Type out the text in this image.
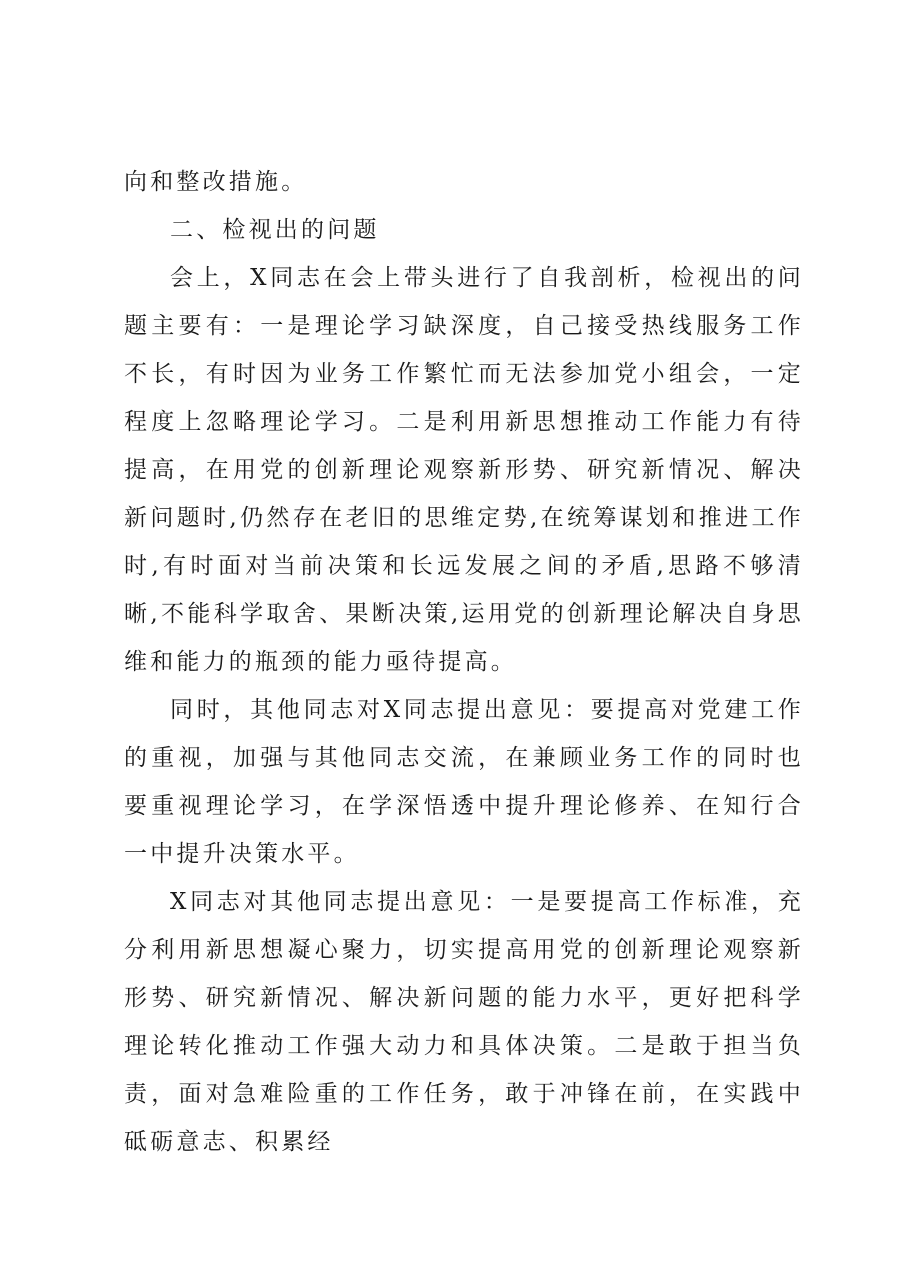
向和整改措施。

二、检视出的问题

会上，X同志在会上带头进行了自我剖析，检视出的问题主要有：一是理论学习缺深度，自己接受热线服务工作不长，有时因为业务工作繁忙而无法参加党小组会，一定程度上忽略理论学习。二是利用新思想推动工作能力有待提高，在用党的创新理论观察新形势、研究新情况、解决新问题时,仍然存在老旧的思维定势,在统筹谋划和推进工作时,有时面对当前决策和长远发展之间的矛盾,思路不够清晰,不能科学取舍、果断决策,运用党的创新理论解决自身思维和能力的瓶颈的能力亟待提高。

同时，其他同志对X同志提出意见：要提高对党建工作的重视，加强与其他同志交流，在兼顾业务工作的同时也要重视理论学习，在学深悟透中提升理论修养、在知行合一中提升决策水平。

X同志对其他同志提出意见：一是要提高工作标准，充分利用新思想凝心聚力，切实提高用党的创新理论观察新形势、研究新情况、解决新问题的能力水平，更好把科学理论转化推动工作强大动力和具体决策。二是敢于担当负责，面对急难险重的工作任务，敢于冲锋在前，在实践中砥砺意志、积累经
